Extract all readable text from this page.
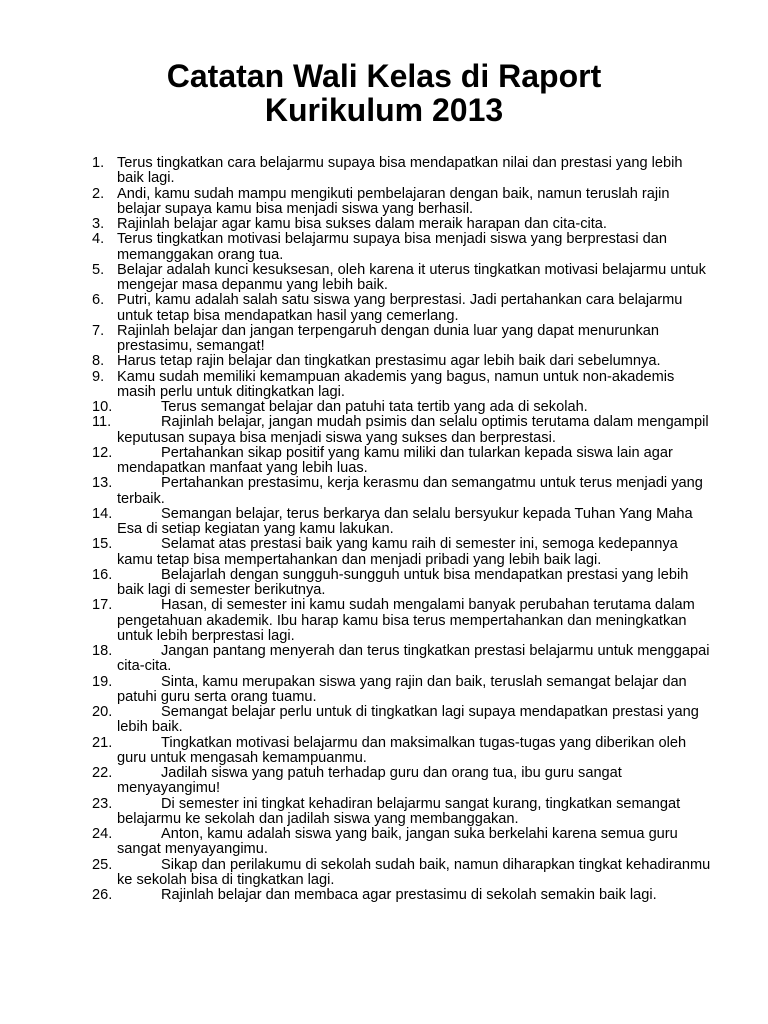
Catatan Wali Kelas di Raport
Kurikulum 2013
1. Terus tingkatkan cara belajarmu supaya bisa mendapatkan nilai dan prestasi yang lebih baik lagi.
2. Andi, kamu sudah mampu mengikuti pembelajaran dengan baik, namun teruslah rajin belajar supaya kamu bisa menjadi siswa yang berhasil.
3. Rajinlah belajar agar kamu bisa sukses dalam meraik harapan dan cita-cita.
4. Terus tingkatkan motivasi belajarmu supaya bisa menjadi siswa yang berprestasi dan memanggakan orang tua.
5. Belajar adalah kunci kesuksesan, oleh karena it uterus tingkatkan motivasi belajarmu untuk mengejar masa depanmu yang lebih baik.
6. Putri, kamu adalah salah satu siswa yang berprestasi. Jadi pertahankan cara belajarmu untuk tetap bisa mendapatkan hasil yang cemerlang.
7. Rajinlah belajar dan jangan terpengaruh dengan dunia luar yang dapat menurunkan prestasimu, semangat!
8. Harus tetap rajin belajar dan tingkatkan prestasimu agar lebih baik dari sebelumnya.
9. Kamu sudah memiliki kemampuan akademis yang bagus, namun untuk non-akademis masih perlu untuk ditingkatkan lagi.
10.	Terus semangat belajar dan patuhi tata tertib yang ada di sekolah.
11.	Rajinlah belajar, jangan mudah psimis dan selalu optimis terutama dalam mengampil keputusan supaya bisa menjadi siswa yang sukses dan berprestasi.
12.	Pertahankan sikap positif yang kamu miliki dan tularkan kepada siswa lain agar mendapatkan manfaat yang lebih luas.
13.	Pertahankan prestasimu, kerja kerasmu dan semangatmu untuk terus menjadi yang terbaik.
14.	Semangan belajar, terus berkarya dan selalu bersyukur kepada Tuhan Yang Maha Esa di setiap kegiatan yang kamu lakukan.
15.	Selamat atas prestasi baik yang kamu raih di semester ini, semoga kedepannya kamu tetap bisa mempertahankan dan menjadi pribadi yang lebih baik lagi.
16.	Belajarlah dengan sungguh-sungguh untuk bisa mendapatkan prestasi yang lebih baik lagi di semester berikutnya.
17.	Hasan, di semester ini kamu sudah mengalami banyak perubahan terutama dalam pengetahuan akademik. Ibu harap kamu bisa terus mempertahankan dan meningkatkan untuk lebih berprestasi lagi.
18.	Jangan pantang menyerah dan terus tingkatkan prestasi belajarmu untuk menggapai cita-cita.
19.	Sinta, kamu merupakan siswa yang rajin dan baik, teruslah semangat belajar dan patuhi guru serta orang tuamu.
20.	Semangat belajar perlu untuk di tingkatkan lagi supaya mendapatkan prestasi yang lebih baik.
21.	Tingkatkan motivasi belajarmu dan maksimalkan tugas-tugas yang diberikan oleh guru untuk mengasah kemampuanmu.
22.	Jadilah siswa yang patuh terhadap guru dan orang tua, ibu guru sangat menyayangimu!
23.	Di semester ini tingkat kehadiran belajarmu sangat kurang, tingkatkan semangat belajarmu ke sekolah dan jadilah siswa yang membanggakan.
24.	Anton, kamu adalah siswa yang baik, jangan suka berkelahi karena semua guru sangat menyayangimu.
25.	Sikap dan perilakumu di sekolah sudah baik, namun diharapkan tingkat kehadiranmu ke sekolah bisa di tingkatkan lagi.
26.	Rajinlah belajar dan membaca agar prestasimu di sekolah semakin baik lagi.
